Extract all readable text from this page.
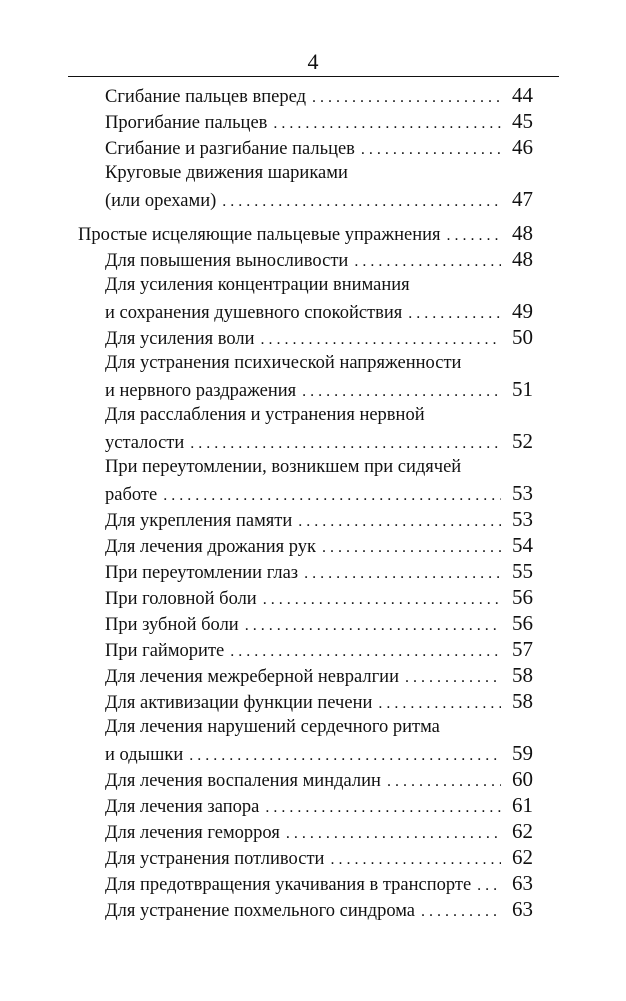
4
Сгибание пальцев вперед . . .	44
Прогибание пальцев . . .	45
Сгибание и разгибание пальцев . . .	46
Круговые движения шариками
(или орехами) . . .	47
Простые исцеляющие пальцевые упражнения . . .	48
Для повышения выносливости . . .	48
Для усиления концентрации внимания
и сохранения душевного спокойствия . . .	49
Для усиления воли . . .	50
Для устранения психической напряженности
и нервного раздражения . . .	51
Для расслабления и устранения нервной
усталости . . .	52
При переутомлении, возникшем при сидячей
работе . . .	53
Для укрепления памяти . . .	53
Для лечения дрожания рук . . .	54
При переутомлении глаз . . .	55
При головной боли . . .	56
При зубной боли . . .	56
При гайморите . . .	57
Для лечения межреберной невралгии . . .	58
Для активизации функции печени . . .	58
Для лечения нарушений сердечного ритма
и одышки . . .	59
Для лечения воспаления миндалин . . .	60
Для лечения запора . . .	61
Для лечения геморроя . . .	62
Для устранения потливости . . .	62
Для предотвращения укачивания в транспорте . . .	63
Для устранение похмельного синдрома . . .	63
